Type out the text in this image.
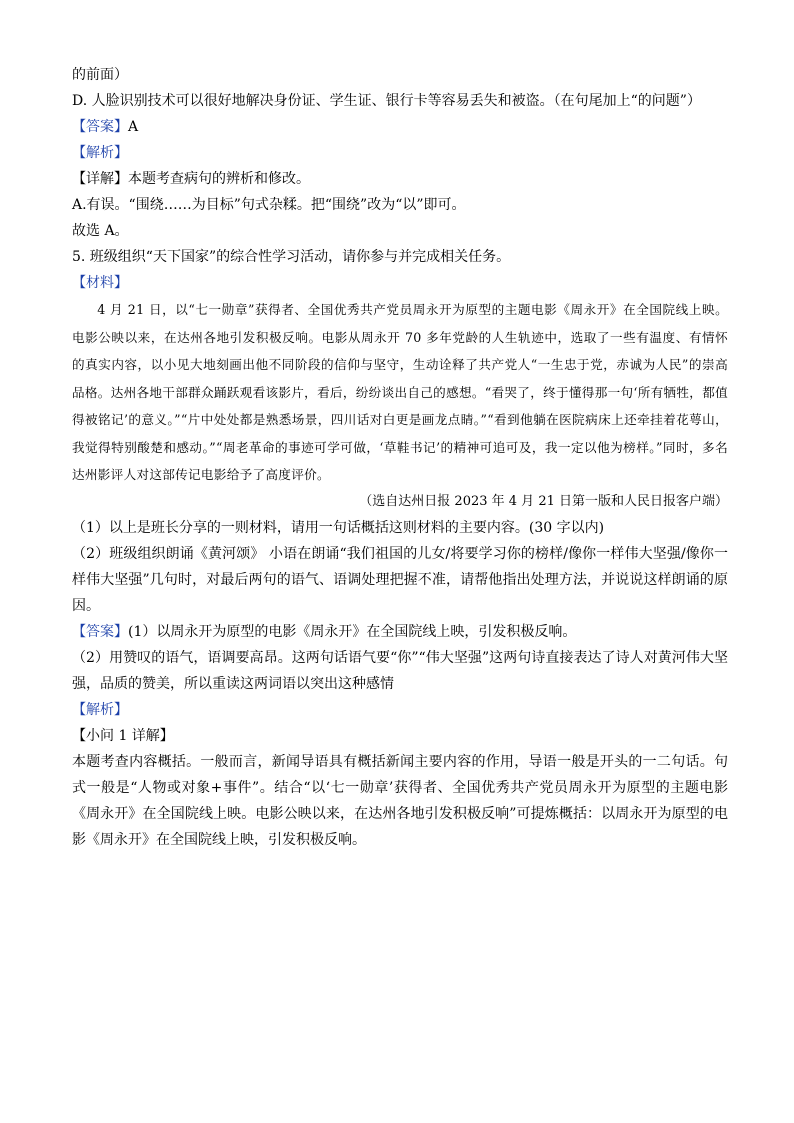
的前面）
D. 人脸识别技术可以很好地解决身份证、学生证、银行卡等容易丢失和被盗。（在句尾加上“的问题”）
【答案】A
【解析】
【详解】本题考查病句的辨析和修改。
A.有误。“围绕……为目标”句式杂糅。把“围绕”改为“以”即可。
故选 A。
5. 班级组织“天下国家”的综合性学习活动，请你参与并完成相关任务。
【材料】

4 月 21 日，以“七一勋章”获得者、全国优秀共产党员周永开为原型的主题电影《周永开》在全国院线上映。电影公映以来，在达州各地引发积极反响。电影从周永开 70 多年党龄的人生轨迹中，选取了一些有温度、有情怀的真实内容，以小见大地刻画出他不同阶段的信仰与坚守，生动诠释了共产党人“一生忠于党，赤诚为人民”的崇高品格。达州各地干部群众踊跃观看该影片，看后，纷纷谈出自己的感想。“看哭了，终于懂得那一句‘所有牺牲，都值得被铭记’的意义。”“片中处处都是熟悉场景，四川话对白更是画龙点睛。”“看到他躺在医院病床上还牵挂着花萼山，我觉得特别酸楚和感动。”“周老革命的事迹可学可做，‘草鞋书记’的精神可追可及，我一定以他为榜样。”同时，多名达州影评人对这部传记电影给予了高度评价。

（选自达州日报 2023 年 4 月 21 日第一版和人民日报客户端）
（1）以上是班长分享的一则材料，请用一句话概括这则材料的主要内容。(30 字以内)
（2）班级组织朗诵《黄河颂》 小语在朗诵“我们祖国的儿女/将要学习你的榜样/像你一样伟大坚强/像你一样伟大坚强”几句时，对最后两句的语气、语调处理把握不准，请帮他指出处理方法，并说说这样朗诵的原因。
【答案】(1）以周永开为原型的电影《周永开》在全国院线上映，引发积极反响。
（2）用赞叹的语气，语调要高昂。这两句话语气要“你”“伟大坚强”这两句诗直接表达了诗人对黄河伟大坚强，品质的赞美，所以重读这两词语以突出这种感情
【解析】
【小问 1 详解】
本题考查内容概括。一般而言，新闻导语具有概括新闻主要内容的作用，导语一般是开头的一二句话。句式一般是“人物或对象+事件”。结合“以‘七一勋章’获得者、全国优秀共产党员周永开为原型的主题电影《周永开》在全国院线上映。电影公映以来，在达州各地引发积极反响”可提炼概括：以周永开为原型的电影《周永开》在全国院线上映，引发积极反响。
